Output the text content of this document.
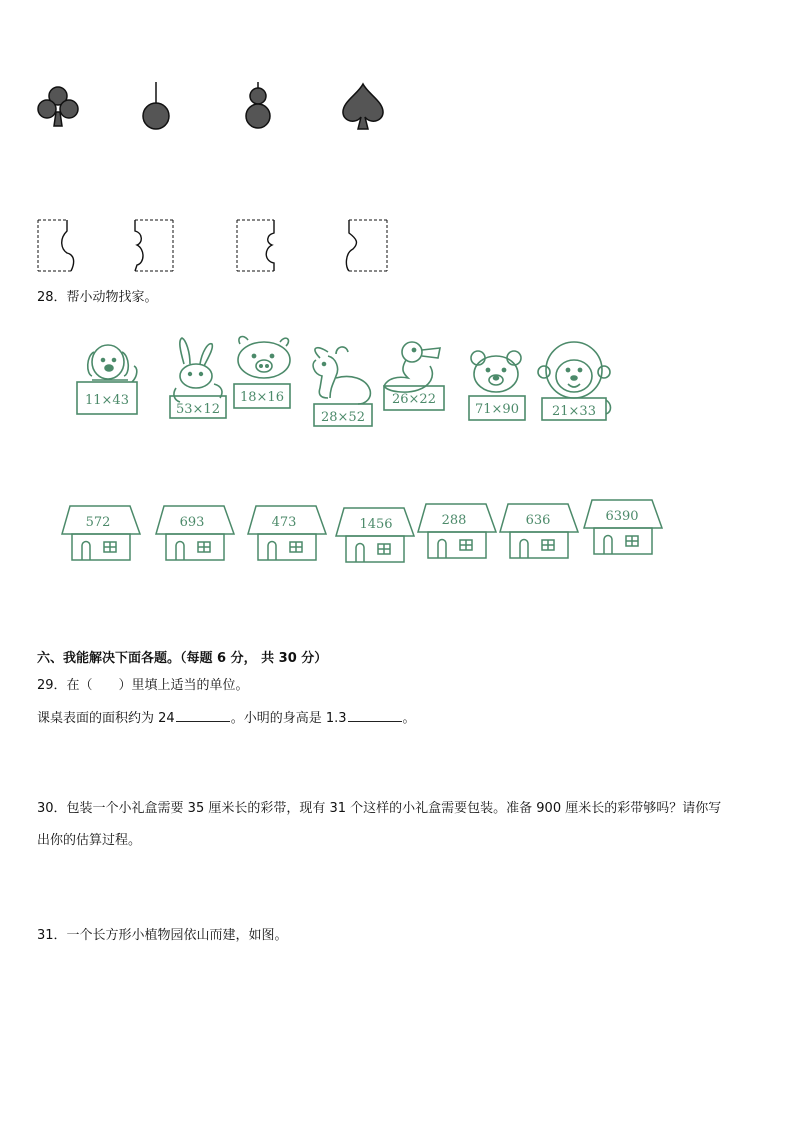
28．帮小动物找家。
11×43
53×12
18×16
28×52
26×22
71×90	21×33
572	693	473	1456	288	636	6390
六、我能解决下面各题。（每题 6 分， 共 30 分）
29．在（　　）里填上适当的单位。
课桌表面的面积约为 24	。小明的身高是 1.3	。
30．包装一个小礼盒需要 35 厘米长的彩带，现有 31 个这样的小礼盒需要包装。准备 900 厘米长的彩带够吗？请你写
出你的估算过程。
31．一个长方形小植物园依山而建，如图。
